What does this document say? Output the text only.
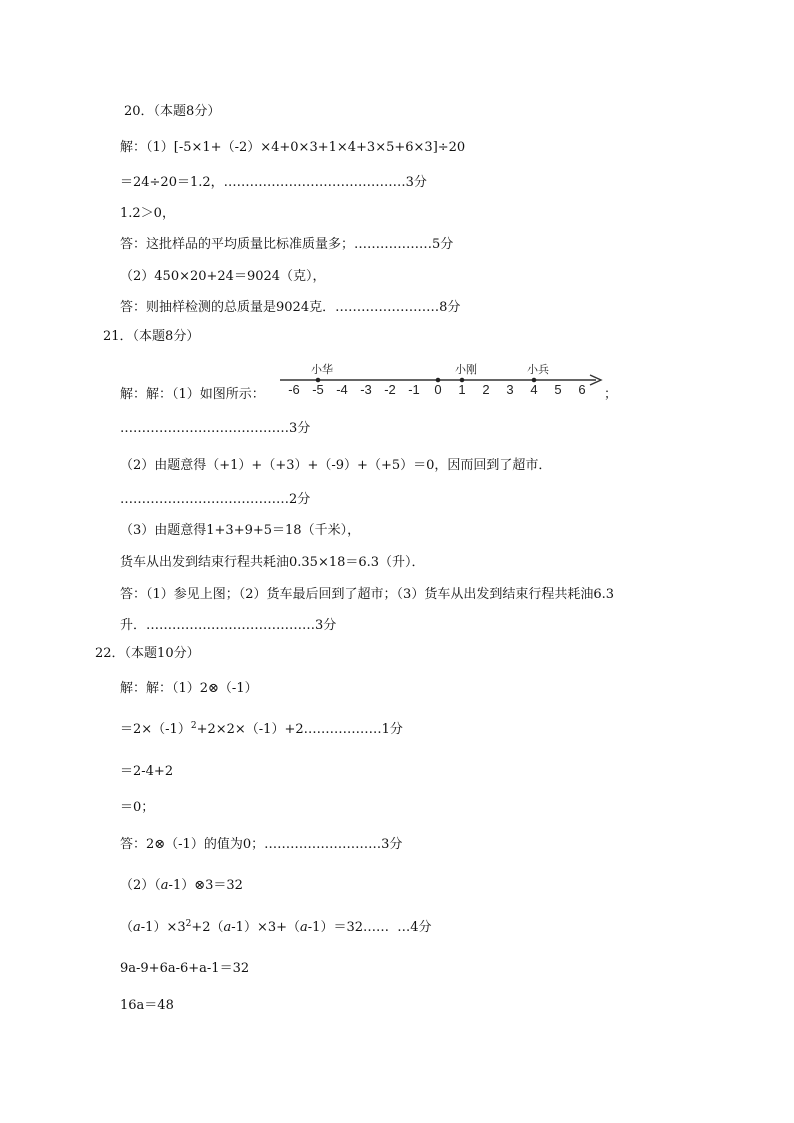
20．（本题8分）
解：（1）[-5×1+（-2）×4+0×3+1×4+3×5+6×3]÷20
＝24÷20＝1.2，……………………………………3分
1.2＞0，
答：这批样品的平均质量比标准质量多；………………5分
（2）450×20+24＝9024（克），
答：则抽样检测的总质量是9024克．……………………8分
21．（本题8分）
解：解：（1）如图所示： -6 -5 -4 -3 -2 -1 0 1 2 3 4 5 6
小华	小刚	小兵
；
…………………………………3分
（2）由题意得（+1）+（+3）+（-9）+（+5）＝0，因而回到了超市．
…………………………………2分
（3）由题意得1+3+9+5＝18（千米），
货车从出发到结束行程共耗油0.35×18＝6.3（升）．
答：（1）参见上图；（2）货车最后回到了超市；（3）货车从出发到结束行程共耗油6.3
升．…………………………………3分
22．（本题10分）
解：解：（1）2⊗（-1）
$=2\times(-1)^2+2\times 2\times(-1)+2\dots\dots\dots\dots\dots\dots 1$分
＝2-4+2
＝0；
答：2⊗（-1）的值为0；………………………3分
（2）（a-1）⊗3＝32
$(a-1)\times 3^2+2(a-1)\times 3+(a-1)=32\dots\dots$  …4分
9a-9+6a-6+a-1＝32
16a＝48
